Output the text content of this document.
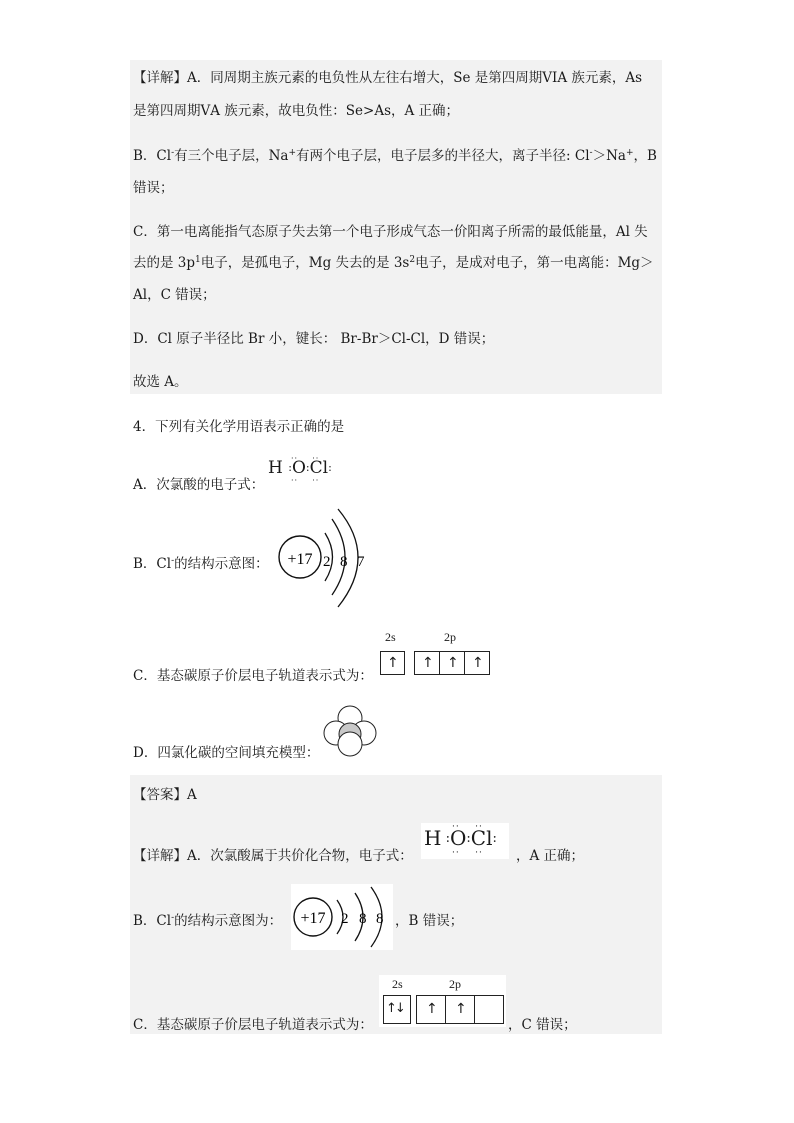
【详解】A．同周期主族元素的电负性从左往右增大，Se 是第四周期VIA 族元素，As
是第四周期ⅤA 族元素，故电负性：Se>As，A 正确；
B．Cl-有三个电子层，Na+有两个电子层，电子层多的半径大，离子半径: Cl-＞Na+，B
错误；
C．第一电离能指气态原子失去第一个电子形成气态一价阳离子所需的最低能量，Al 失
去的是 $3p^1$电子，是孤电子，Mg 失去的是 $3s^2$电子，是成对电子，第一电离能：Mg＞
Al，C 错误；
D．Cl 原子半径比 Br 小，键长： Br-Br＞Cl-Cl，D 错误；
故选 A。
4．下列有关化学用语表示正确的是
A．次氯酸的电子式：
H :O:Cl:
··    ··
··    ··
B．Cl-的结构示意图： +17 2 8 7
C．基态碳原子价层电子轨道表示式为：
2s	2p
↑ ↑ ↑ ↑
D．四氯化碳的空间填充模型：
【答案】A
【详解】A．次氯酸属于共价化合物，电子式：
H :O:Cl:
··    ··
··    ·· ，A 正确；
B．Cl-的结构示意图为： +17 2 8 8 ，B 错误；
C．基态碳原子价层电子轨道表示式为：
2s	2p
↑↓ ↑ ↑
，C 错误；
